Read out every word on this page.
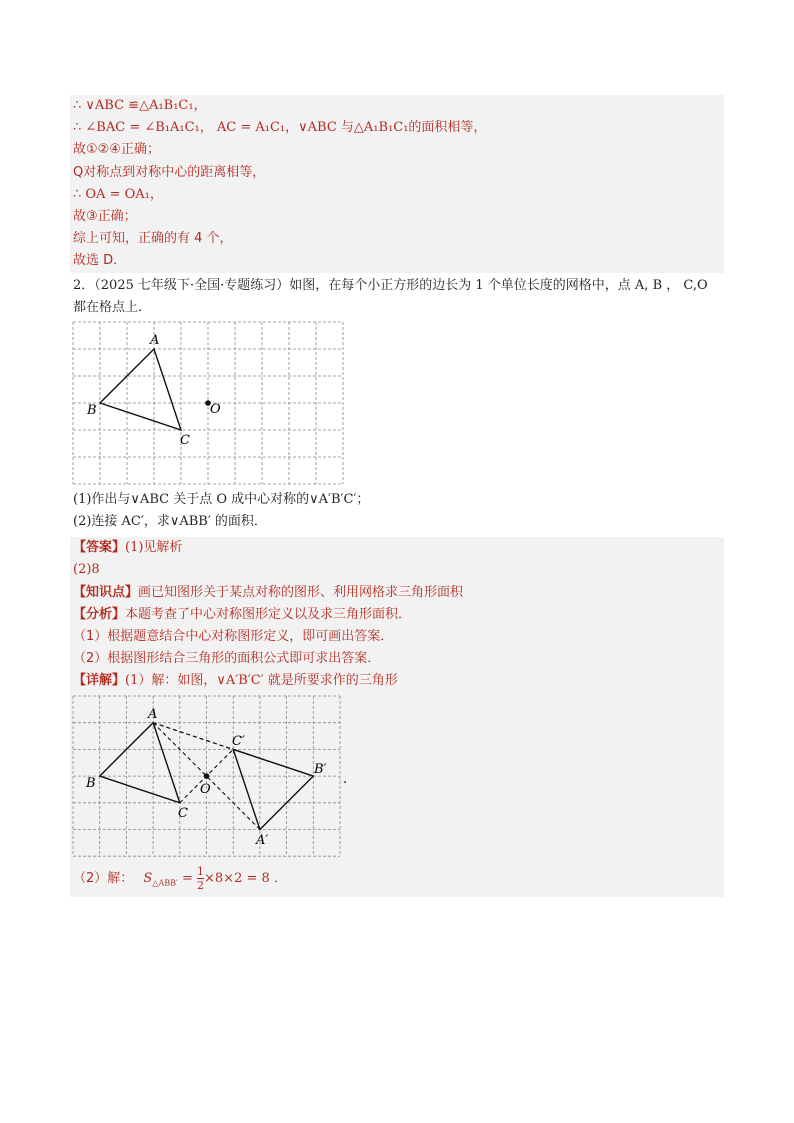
∴ ∨ABC ≌△A₁B₁C₁，
∴ ∠BAC = ∠B₁A₁C₁， AC = A₁C₁，∨ABC 与△A₁B₁C₁的面积相等，
故①②④正确；
Q对称点到对称中心的距离相等，
∴ OA = OA₁，
故③正确；
综上可知，正确的有 4 个，
故选 D．
2．（2025 七年级下·全国·专题练习）如图，在每个小正方形的边长为 1 个单位长度的网格中，点 A, B ， C,O
都在格点上．
A
B
C
O
(1)作出与∨ABC 关于点 O 成中心对称的∨A′B′C′；
(2)连接 AC′，求∨ABB′ 的面积．
【答案】(1)见解析
(2)8
【知识点】画已知图形关于某点对称的图形、利用网格求三角形面积
【分析】本题考查了中心对称图形定义以及求三角形面积．
（1）根据题意结合中心对称图形定义，即可画出答案．
（2）根据图形结合三角形的面积公式即可求出答案．
【详解】(1）解：如图，∨A′B′C′ 就是所要求作的三角形
A
B
C
O
A′
B′
C′
.
（2）解： $S_{\triangle ABB'} = \frac{1}{2} \times 8\times 2 = 8$ ．
